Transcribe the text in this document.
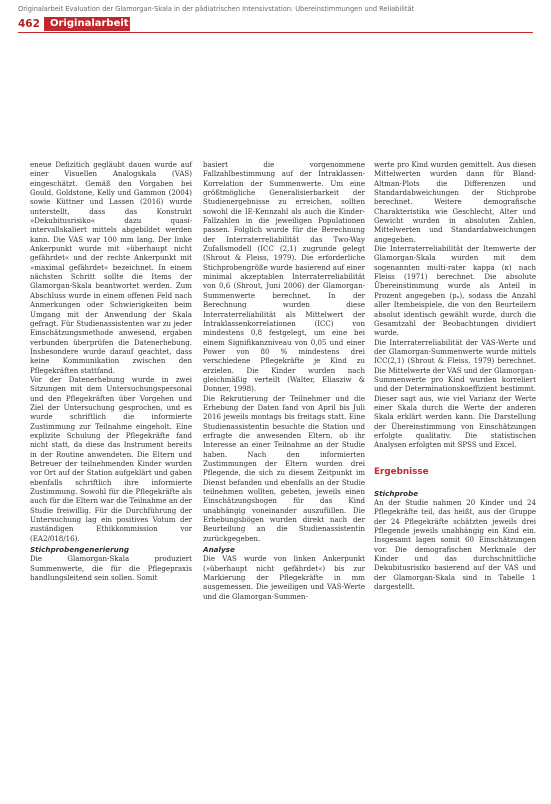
Originalarbeit Evaluation der Glamorgan-Skala in der pädiatrischen Intensivstation: Übereinstimmungen und Reliabilität
462	Originalarbeit

eneue Defizitich gegläubt dauen wurde auf einer Visuellen Analogskala (VAS) eingeschätzt. Gemäß den Vorgaben bei Gould, Goldstone, Kelly und Gammon (2004) sowie Küttner und Lassen (2016) wurde unterstellt, dass das Konstrukt »Dekubitusrisiko« dazu quasi-intervallskaliert mittels abgebildet werden kann. Die VAS war 100 mm lang. Der linke Ankerpunkt wurde mit »überhaupt nicht gefährdet« und der rechte Ankerpunkt mit »maximal gefährdet« bezeichnet. In einem nächsten Schritt sollte die Items der Glamorgan-Skala beantwortet werden. Zum Abschluss wurde in einem offenen Feld nach Anmerkungen oder Schwierigkeiten beim Umgang mit der Anwendung der Skala gefragt. Für Studienassistenten war zu jeder Einschätzungsmethode anwesend, ergaben verbunden überprüfen die Datenerhebung. Insbesondere wurde darauf geachtet, dass keine Kommunikation zwischen den Pflegekräften stattfand.

Vor der Datenerhebung wurde in zwei Sitzungen mit dem Untersuchungspersonal und den Pflegekräften über Vorgehen und Ziel der Untersuchung gesprochen, und es wurde schriftlich die informierte Zustimmung zur Teilnahme eingeholt. Eine explizite Schulung der Pflegekräfte fand nicht statt, da diese das Instrument bereits in der Routine anwendeten. Die Eltern und Betreuer der teilnehmenden Kinder wurden vor Ort auf der Station aufgeklärt und gaben ebenfalls schriftlich ihre informierte Zustimmung. Sowohl für die Pflegekräfte als auch für die Eltern war die Teilnahme an der Studie freiwillig. Für die Durchführung der Untersuchung lag ein positives Votum der zuständigen Ethikkommission vor (EA2/018/16).

Stichprobengenerierung

Die Glamorgan-Skala produziert Summenwerte, die für die Pflegepraxis handlungsleitend sein sollen. Somit

basiert die vorgenommene Fallzahlbestimmung auf der Intraklassen-Korrelation der Summenwerte. Um eine größtmögliche Generalisierbarkeit der Studienergebnisse zu erreichen, sollten sowohl die IE-Kennzahl als auch die Kinder-Fallzahlen in die jeweiligen Populationen passen. Folglich wurde für die Berechnung der Interraterreliabilität das Two-Way Zufallsmodell (ICC (2,1) zugrunde gelegt (Shrout & Fleiss, 1979). Die erforderliche Stichprobengröße wurde basierend auf einer minimal akzeptablen Interraterreliabilität von 0,6 (Shrout, Juni 2006) der Glamorgan-Summenwerte berechnet. In der Berechnung wurden diese Interraterreliabilität als Mittelwert der Intraklassenkorrelationen (ICC) von mindestens 0,8 festgelegt, um eine bei einem Signifikanzniveau von 0,05 und einer Power von 80 % mindestens drei verschiedene Pflegekräfte je Kind zu erzielen. Die Kinder wurden nach gleichmäßig verteilt (Walter, Eliasziw & Donner, 1998).

Die Rekrutierung der Teilnehmer und die Erhebung der Daten fand von April bis Juli 2016 jeweils montags bis freitags statt. Eine Studienassistentin besuchte die Station und erfragte die anwesenden Eltern, ob ihr Interesse an einer Teilnahme an der Studie haben. Nach den informierten Zustimmungen der Eltern wurden drei Pflegende, die sich zu diesem Zeitpunkt im Dienst befanden und ebenfalls an der Studie teilnehmen wollten, gebeten, jeweils einen Einschätzungsbogen für das Kind unabhängig voneinander auszufüllen. Die Erhebungsbögen wurden direkt nach der Beurteilung an die Studienassistentin zurückgegeben.

Analyse

Die VAS wurde von linken Ankerpunkt (»überhaupt nicht gefährdet«) bis zur Markierung der Pflegekräfte in mm ausgemessen. Die jeweiligen und VAS-Werte und die Glamorgan-Summen-

werte pro Kind wurden gemittelt. Aus diesen Mittelwerten wurden dann für Bland-Altman-Plots die Differenzen und Standardabweichungen der Stichprobe berechnet. Weitere demografische Charakteristika wie Geschlecht, Alter und Gewicht wurden in absoluten Zahlen, Mittelwerten und Standardabweichungen angegeben.

Die Interraterreliabilität der Itemwerte der Glamorgan-Skala wurden mit dem sogenannten multi-rater kappa (κ) nach Fleiss (1971) berechnet. Die absolute Übereinstimmung wurde als Anteil in Prozent angegeben (pₐ), sodass die Anzahl aller Itembeispiele, die von den Beurteilern absolut identisch gewählt wurde, durch die Gesamtzahl der Beobachtungen dividiert wurde.

Die Interraterreliabilität der VAS-Werte und der Glamorgan-Summenwerte wurde mittels ICC(2,1) (Shrout & Fleiss, 1979) berechnet. Die Mittelwerte der VAS und der Glamorgan-Summenwerte pro Kind wurden korreliert und der Determinationskoeffizient bestimmt. Dieser sagt aus, wie viel Varianz der Werte einer Skala durch die Werte der anderen Skala erklärt werden kann. Die Darstellung der Übereinstimmung von Einschätzungen erfolgte qualitativ. Die statistischen Analysen erfolgten mit SPSS und Excel.

Ergebnisse

Stichprobe

An der Studie nahmen 20 Kinder und 24 Pflegekräfte teil, das heißt, aus der Gruppe der 24 Pflegekräfte schätzten jeweils drei Pflegende jeweils unabhängig ein Kind ein. Insgesamt lagen somit 60 Einschätzungen vor. Die demografischen Merkmale der Kinder und das durchschnittliche Dekubitusrisiko basierend auf der VAS und der Glamorgan-Skala sind in Tabelle 1 dargestellt.
